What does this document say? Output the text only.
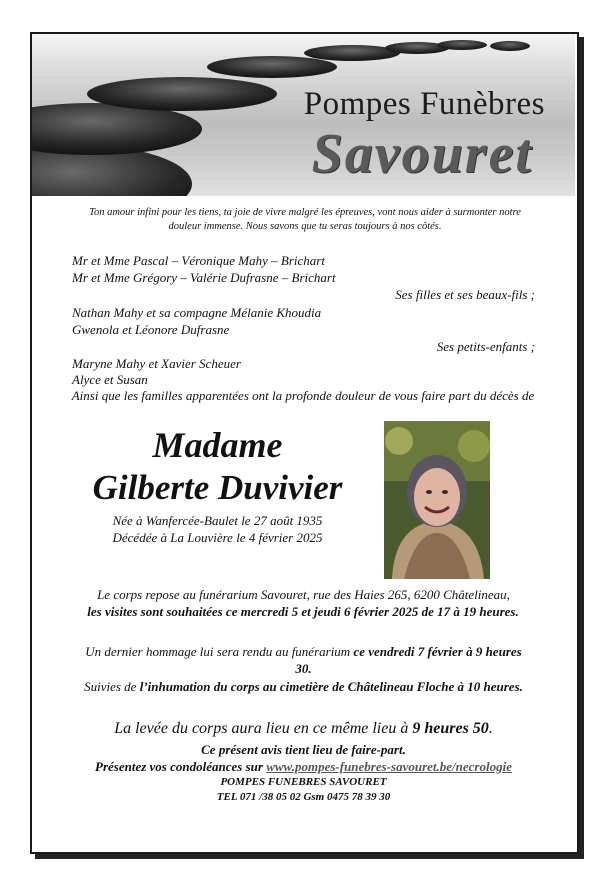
Pompes Funèbres
Savouret
Ton amour infini pour les tiens, ta joie de vivre malgré les épreuves, vont nous aider à surmonter notre douleur immense. Nous savons que tu seras toujours à nos côtés.
Mr et Mme Pascal – Véronique Mahy – Brichart
Mr et Mme Grégory – Valérie Dufrasne – Brichart
Ses filles et ses beaux-fils ;
Nathan Mahy et sa compagne Mélanie Khoudia
Gwenola et Léonore Dufrasne
Ses petits-enfants ;
Maryne Mahy et Xavier Scheuer
Alyce et Susan
Ainsi que les familles apparentées ont la profonde douleur de vous faire part du décès de
Madame
Gilberte Duvivier
Née à Wanfercée-Baulet le 27 août 1935
Décédée à La Louvière le 4 février 2025
Le corps repose au funérarium Savouret, rue des Haies 265, 6200 Châtelineau,
les visites sont souhaitées ce mercredi 5 et jeudi 6 février 2025 de 17 à 19 heures.
Un dernier hommage lui sera rendu au funérarium ce vendredi 7 février à 9 heures 30.
Suivies de l’inhumation du corps au cimetière de Châtelineau Floche à 10 heures.
La levée du corps aura lieu en ce même lieu à 9 heures 50.
Ce présent avis tient lieu de faire-part.
Présentez vos condoléances sur www.pompes-funebres-savouret.be/necrologie
POMPES FUNEBRES SAVOURET
TEL 071 /38 05 02 Gsm 0475 78 39 30
